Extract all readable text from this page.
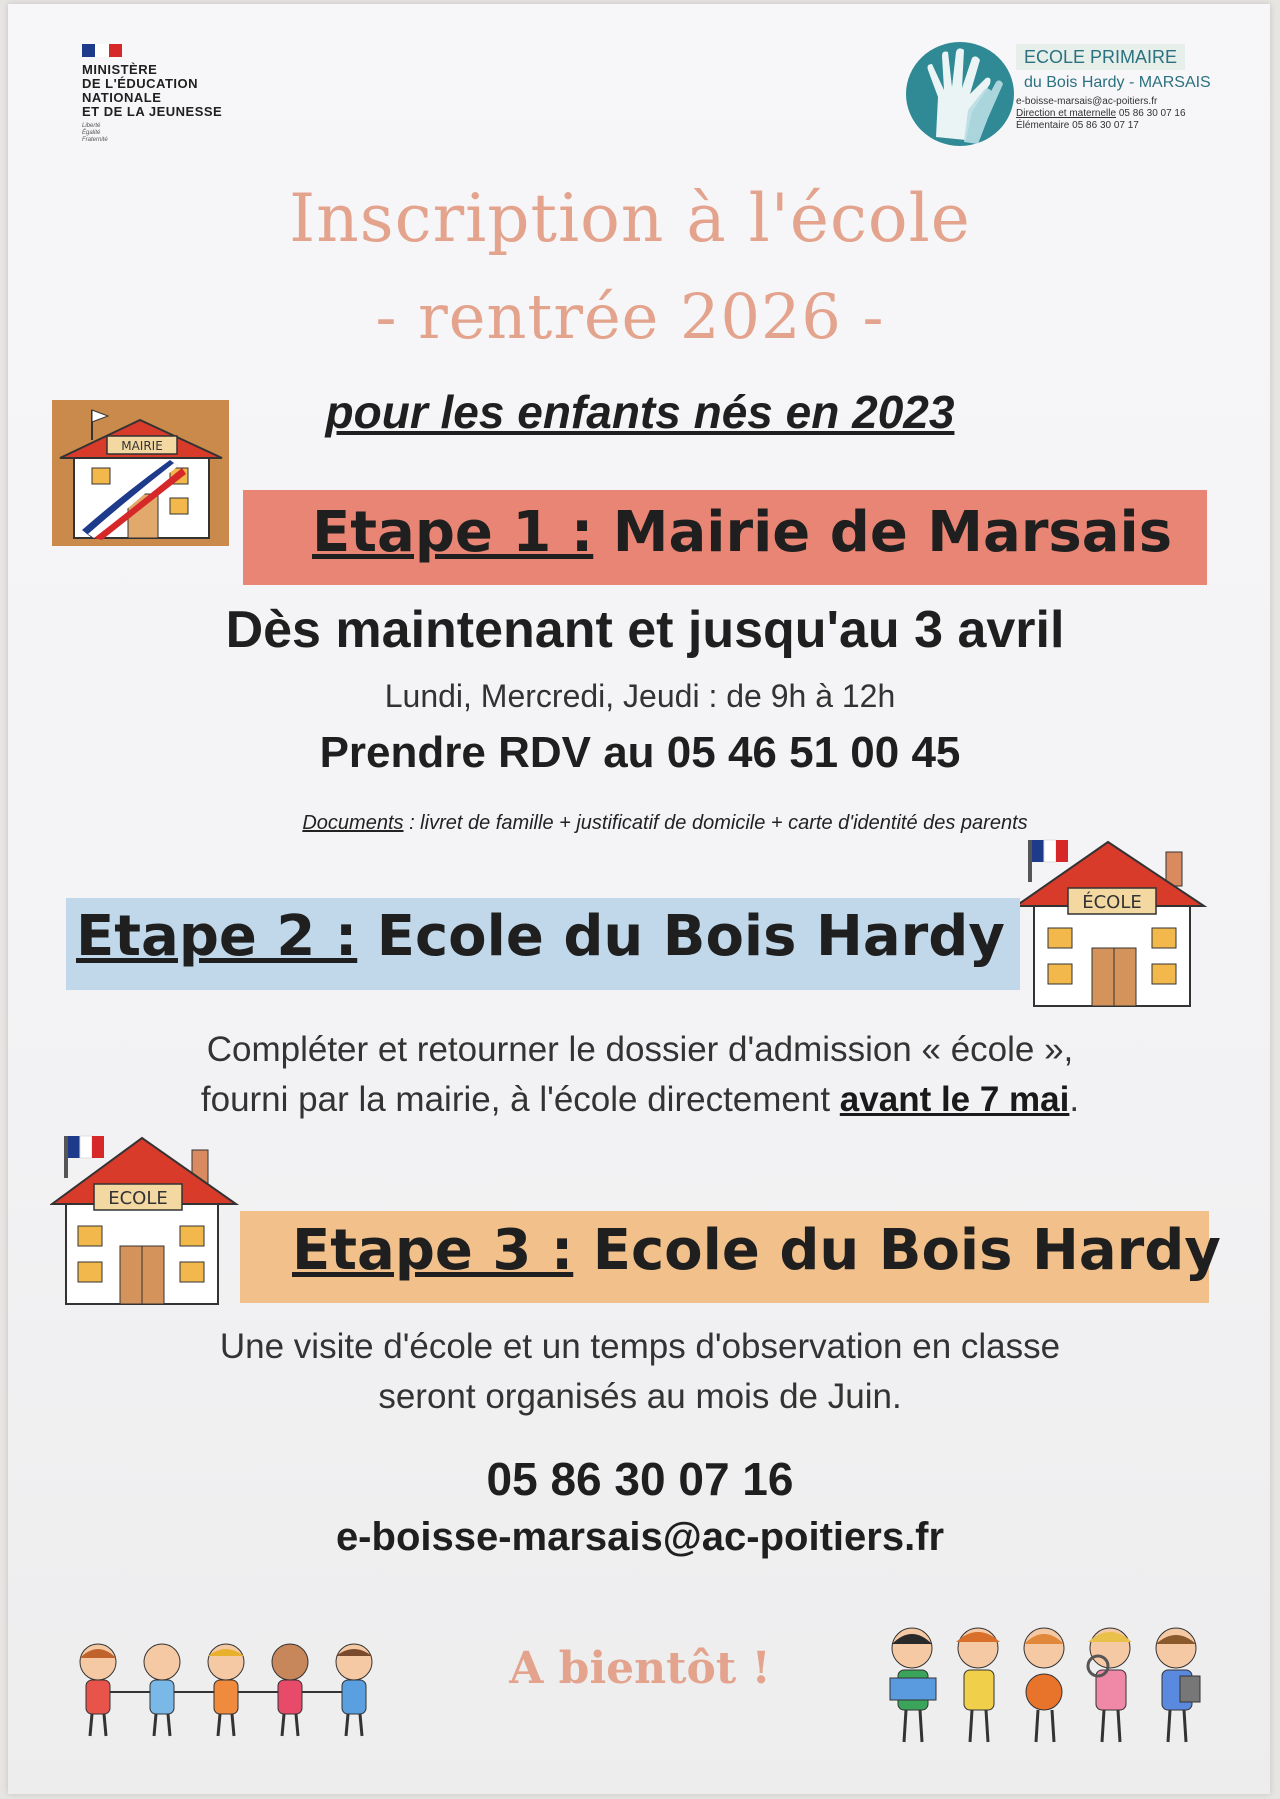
MINISTÈRE
DE L'ÉDUCATION
NATIONALE
ET DE LA JEUNESSE
Liberté
Égalité
Fraternité
ECOLE PRIMAIRE
du Bois Hardy - MARSAIS
e-boisse-marsais@ac-poitiers.fr
Direction et maternelle 05 86 30 07 16
Élémentaire 05 86 30 07 17
Inscription à l'école
- rentrée 2026 -
pour les enfants nés en 2023
MAIRIE
Etape 1 : Mairie de Marsais
Dès maintenant et jusqu'au 3 avril
Lundi, Mercredi, Jeudi : de 9h à 12h
Prendre RDV au 05 46 51 00 45
Documents : livret de famille + justificatif de domicile + carte d'identité des parents
ÉCOLE
Etape 2 : Ecole du Bois Hardy
Compléter et retourner le dossier d'admission « école »,
fourni par la mairie, à l'école directement avant le 7 mai.
ECOLE
Etape 3 : Ecole du Bois Hardy
Une visite d'école et un temps d'observation en classe
seront organisés au mois de Juin.
05 86 30 07 16
e-boisse-marsais@ac-poitiers.fr
A bientôt !
